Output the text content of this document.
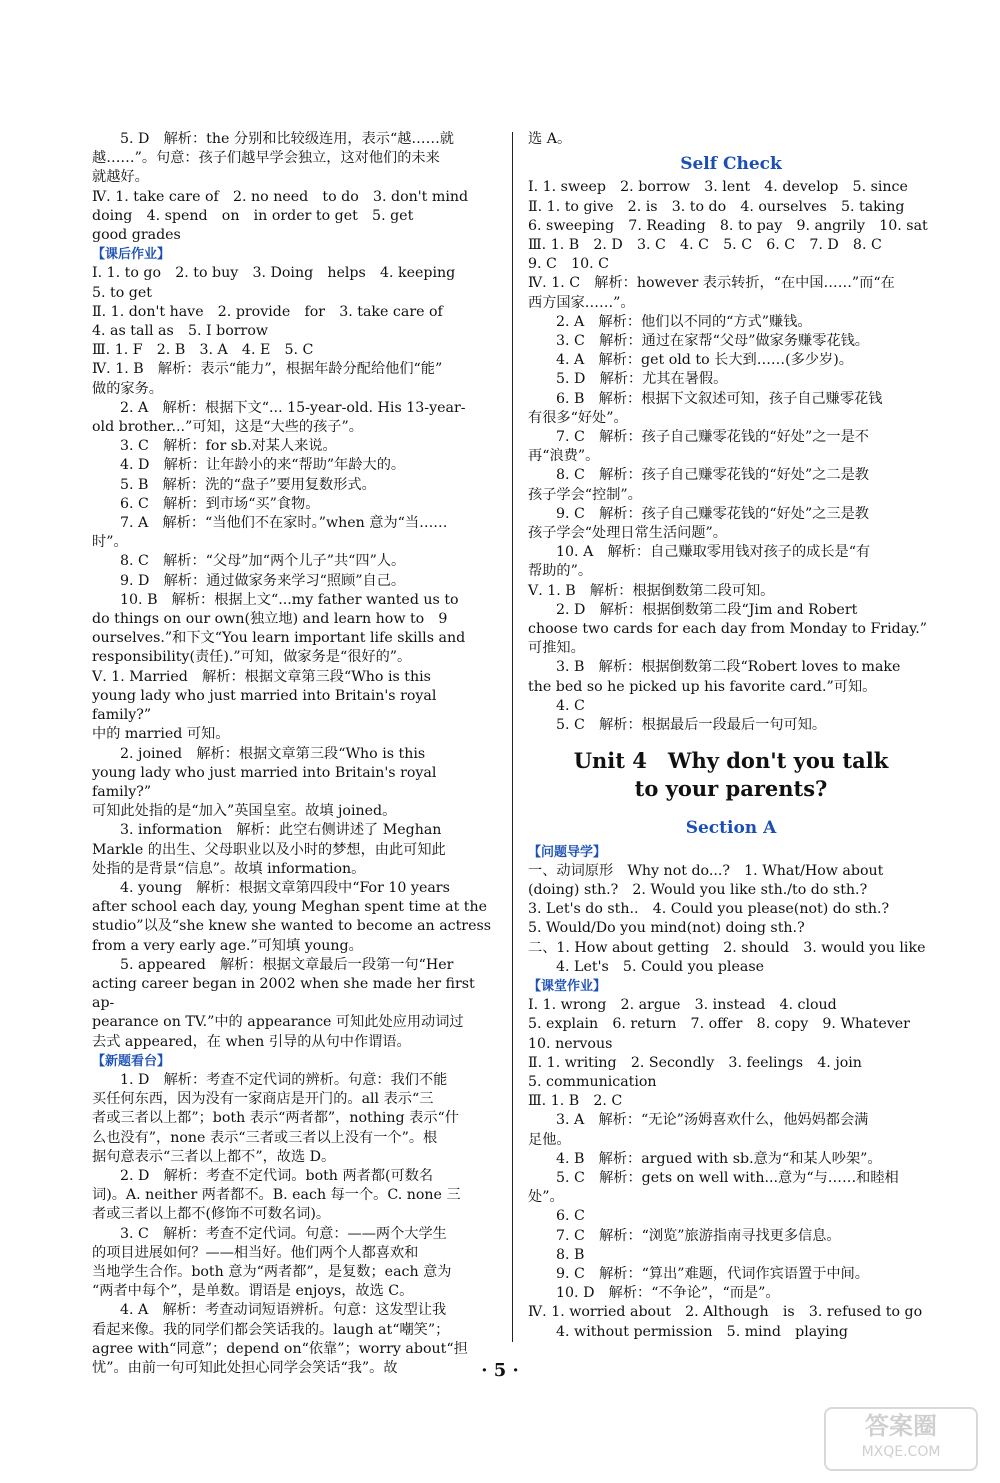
5. D　解析：the 分别和比较级连用，表示“越……就
越……”。句意：孩子们越早学会独立，这对他们的未来
就越好。
Ⅳ. 1. take care of　2. no need　to do　3. don't mind
doing　4. spend　on　in order to get　5. get
good grades
【课后作业】
Ⅰ. 1. to go　2. to buy　3. Doing　helps　4. keeping
5. to get
Ⅱ. 1. don't have　2. provide　for　3. take care of
4. as tall as　5. I borrow
Ⅲ. 1. F　2. B　3. A　4. E　5. C
Ⅳ. 1. B　解析：表示“能力”，根据年龄分配给他们“能”
做的家务。
2. A　解析：根据下文“... 15-year-old. His 13-year-
old brother...”可知，这是“大些的孩子”。
3. C　解析：for sb.对某人来说。
4. D　解析：让年龄小的来“帮助”年龄大的。
5. B　解析：洗的“盘子”要用复数形式。
6. C　解析：到市场“买”食物。
7. A　解析：“当他们不在家时。”when 意为“当……
时”。
8. C　解析：“父母”加“两个儿子”共“四”人。
9. D　解析：通过做家务来学习“照顾”自己。
10. B　解析：根据上文“...my father wanted us to
do things on our own(独立地) and learn how to　9
ourselves.”和下文“You learn important life skills and
responsibility(责任).”可知，做家务是“很好的”。
Ⅴ. 1. Married　解析：根据文章第三段“Who is this
young lady who just married into Britain's royal family?”
中的 married 可知。
2. joined　解析：根据文章第三段“Who is this
young lady who just married into Britain's royal family?”
可知此处指的是“加入”英国皇室。故填 joined。
3. information　解析：此空右侧讲述了 Meghan
Markle 的出生、父母职业以及小时的梦想，由此可知此
处指的是背景“信息”。故填 information。
4. young　解析：根据文章第四段中“For 10 years
after school each day, young Meghan spent time at the
studio”以及“she knew she wanted to become an actress
from a very early age.”可知填 young。
5. appeared　解析：根据文章最后一段第一句“Her
acting career began in 2002 when she made her first ap-
pearance on TV.”中的 appearance 可知此处应用动词过
去式 appeared，在 when 引导的从句中作谓语。
【新题看台】
1. D　解析：考查不定代词的辨析。句意：我们不能
买任何东西，因为没有一家商店是开门的。all 表示“三
者或三者以上都”；both 表示“两者都”，nothing 表示“什
么也没有”，none 表示“三者或三者以上没有一个”。根
据句意表示“三者以上都不”，故选 D。
2. D　解析：考查不定代词。both 两者都(可数名
词)。A. neither 两者都不。B. each 每一个。C. none 三
者或三者以上都不(修饰不可数名词)。
3. C　解析：考查不定代词。句意：——两个大学生
的项目进展如何？——相当好。他们两个人都喜欢和
当地学生合作。both 意为“两者都”，是复数；each 意为
“两者中每个”，是单数。谓语是 enjoys，故选 C。
4. A　解析：考查动词短语辨析。句意：这发型让我
看起来像。我的同学们都会笑话我的。laugh at“嘲笑”；
agree with“同意”；depend on“依靠”；worry about“担
忧”。由前一句可知此处担心同学会笑话“我”。故
选 A。
Self Check
Ⅰ. 1. sweep　2. borrow　3. lent　4. develop　5. since
Ⅱ. 1. to give　2. is　3. to do　4. ourselves　5. taking
6. sweeping　7. Reading　8. to pay　9. angrily　10. sat
Ⅲ. 1. B　2. D　3. C　4. C　5. C　6. C　7. D　8. C
9. C　10. C
Ⅳ. 1. C　解析：however 表示转折，“在中国……”而“在
西方国家……”。
2. A　解析：他们以不同的“方式”赚钱。
3. C　解析：通过在家帮“父母”做家务赚零花钱。
4. A　解析：get old to 长大到……(多少岁)。
5. D　解析：尤其在暑假。
6. B　解析：根据下文叙述可知，孩子自己赚零花钱
有很多“好处”。
7. C　解析：孩子自己赚零花钱的“好处”之一是不
再“浪费”。
8. C　解析：孩子自己赚零花钱的“好处”之二是教
孩子学会“控制”。
9. C　解析：孩子自己赚零花钱的“好处”之三是教
孩子学会“处理日常生活问题”。
10. A　解析：自己赚取零用钱对孩子的成长是“有
帮助的”。
Ⅴ. 1. B　解析：根据倒数第二段可知。
2. D　解析：根据倒数第二段“Jim and Robert
choose two cards for each day from Monday to Friday.”
可推知。
3. B　解析：根据倒数第二段“Robert loves to make
the bed so he picked up his favorite card.”可知。
4. C
5. C　解析：根据最后一段最后一句可知。
Unit 4　Why don't you talk
to your parents?
Section A
【问题导学】
一、动词原形　Why not do...?　1. What/How about
(doing) sth.?　2. Would you like sth./to do sth.?
3. Let's do sth..　4. Could you please(not) do sth.?
5. Would/Do you mind(not) doing sth.?
二、1. How about getting　2. should　3. would you like
4. Let's　5. Could you please
【课堂作业】
Ⅰ. 1. wrong　2. argue　3. instead　4. cloud
5. explain　6. return　7. offer　8. copy　9. Whatever
10. nervous
Ⅱ. 1. writing　2. Secondly　3. feelings　4. join
5. communication
Ⅲ. 1. B　2. C
3. A　解析：“无论”汤姆喜欢什么，他妈妈都会满
足他。
4. B　解析：argued with sb.意为“和某人吵架”。
5. C　解析：gets on well with...意为“与……和睦相
处”。
6. C
7. C　解析：“浏览”旅游指南寻找更多信息。
8. B
9. C　解析：“算出”难题，代词作宾语置于中间。
10. D　解析：“不争论”，“而是”。
Ⅳ. 1. worried about　2. Although　is　3. refused to go
4. without permission　5. mind　playing
· 5 ·
答案圈
MXQE.COM
